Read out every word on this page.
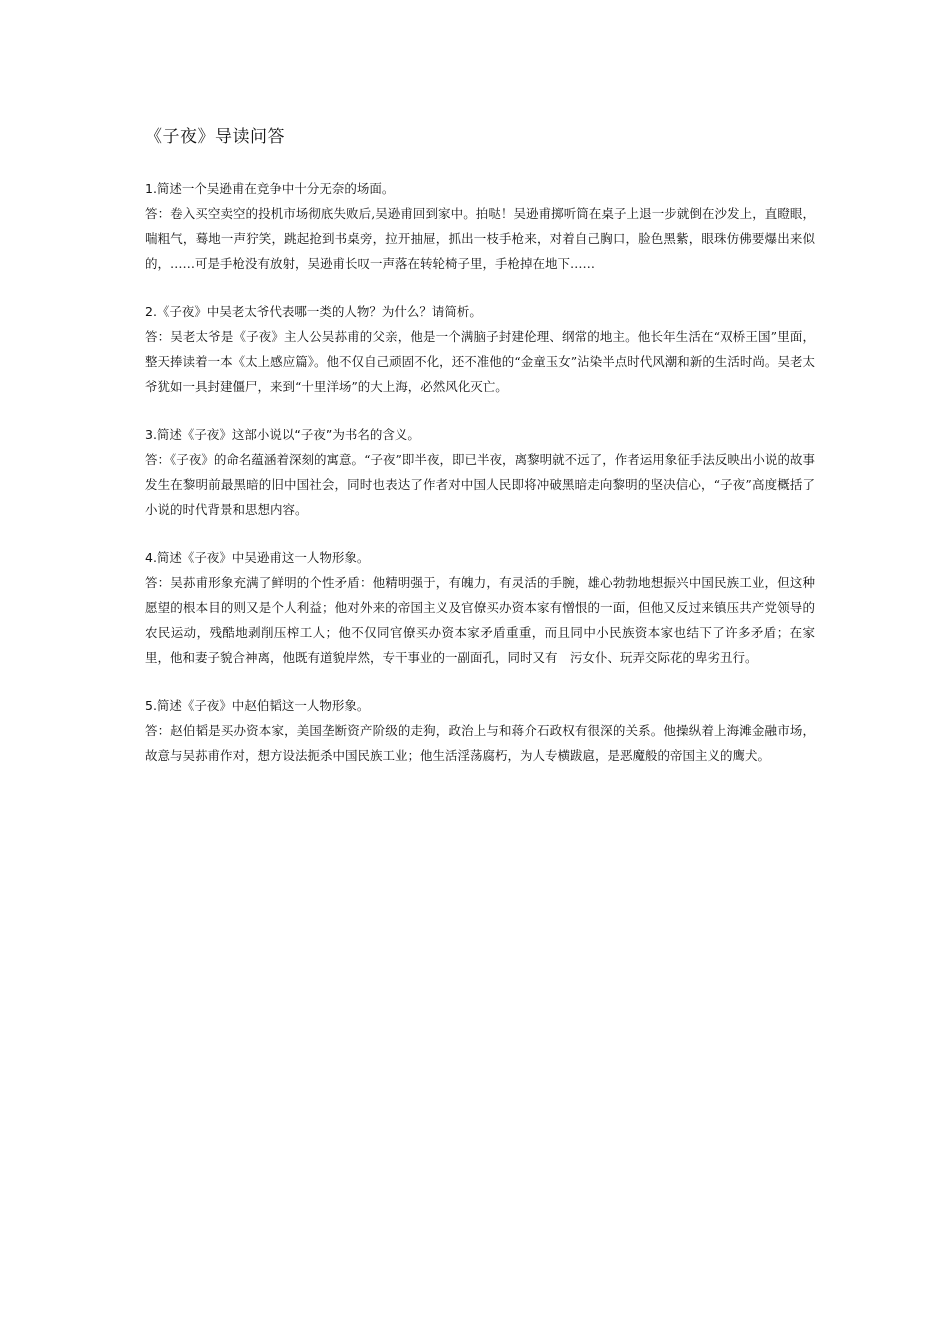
《子夜》导读问答

1.简述一个吴逊甫在竞争中十分无奈的场面。

答：卷入买空卖空的投机市场彻底失败后,吴逊甫回到家中。拍哒！吴逊甫掷听筒在桌子上退一步就倒在沙发上，直瞪眼，喘粗气，蓦地一声狞笑，跳起抢到书桌旁，拉开抽屉，抓出一枝手枪来，对着自己胸口，脸色黑紫，眼珠仿佛要爆出来似的，……可是手枪没有放射，吴逊甫长叹一声落在转轮椅子里，手枪掉在地下……

2.《子夜》中吴老太爷代表哪一类的人物？为什么？请简析。

答：吴老太爷是《子夜》主人公吴荪甫的父亲，他是一个满脑子封建伦理、纲常的地主。他长年生活在“双桥王国”里面，整天捧读着一本《太上感应篇》。他不仅自己顽固不化，还不准他的“金童玉女”沾染半点时代风潮和新的生活时尚。吴老太爷犹如一具封建僵尸，来到“十里洋场”的大上海，必然风化灭亡。

3.简述《子夜》这部小说以“子夜”为书名的含义。

答：《子夜》的命名蕴涵着深刻的寓意。“子夜”即半夜，即已半夜，离黎明就不远了，作者运用象征手法反映出小说的故事发生在黎明前最黑暗的旧中国社会，同时也表达了作者对中国人民即将冲破黑暗走向黎明的坚决信心，“子夜”高度概括了小说的时代背景和思想内容。

4.简述《子夜》中吴逊甫这一人物形象。

答：吴荪甫形象充满了鲜明的个性矛盾：他精明强于，有魄力，有灵活的手腕，雄心勃勃地想振兴中国民族工业，但这种愿望的根本目的则又是个人利益；他对外来的帝国主义及官僚买办资本家有憎恨的一面，但他又反过来镇压共产党领导的农民运动，残酷地剥削压榨工人；他不仅同官僚买办资本家矛盾重重，而且同中小民族资本家也结下了许多矛盾；在家里，他和妻子貌合神离，他既有道貌岸然，专干事业的一副面孔，同时又有　污女仆、玩弄交际花的卑劣丑行。

5.简述《子夜》中赵伯韬这一人物形象。

答：赵伯韬是买办资本家，美国垄断资产阶级的走狗，政治上与和蒋介石政权有很深的关系。他操纵着上海滩金融市场，故意与吴荪甫作对，想方设法扼杀中国民族工业；他生活淫荡腐朽，为人专横跋扈，是恶魔般的帝国主义的鹰犬。
